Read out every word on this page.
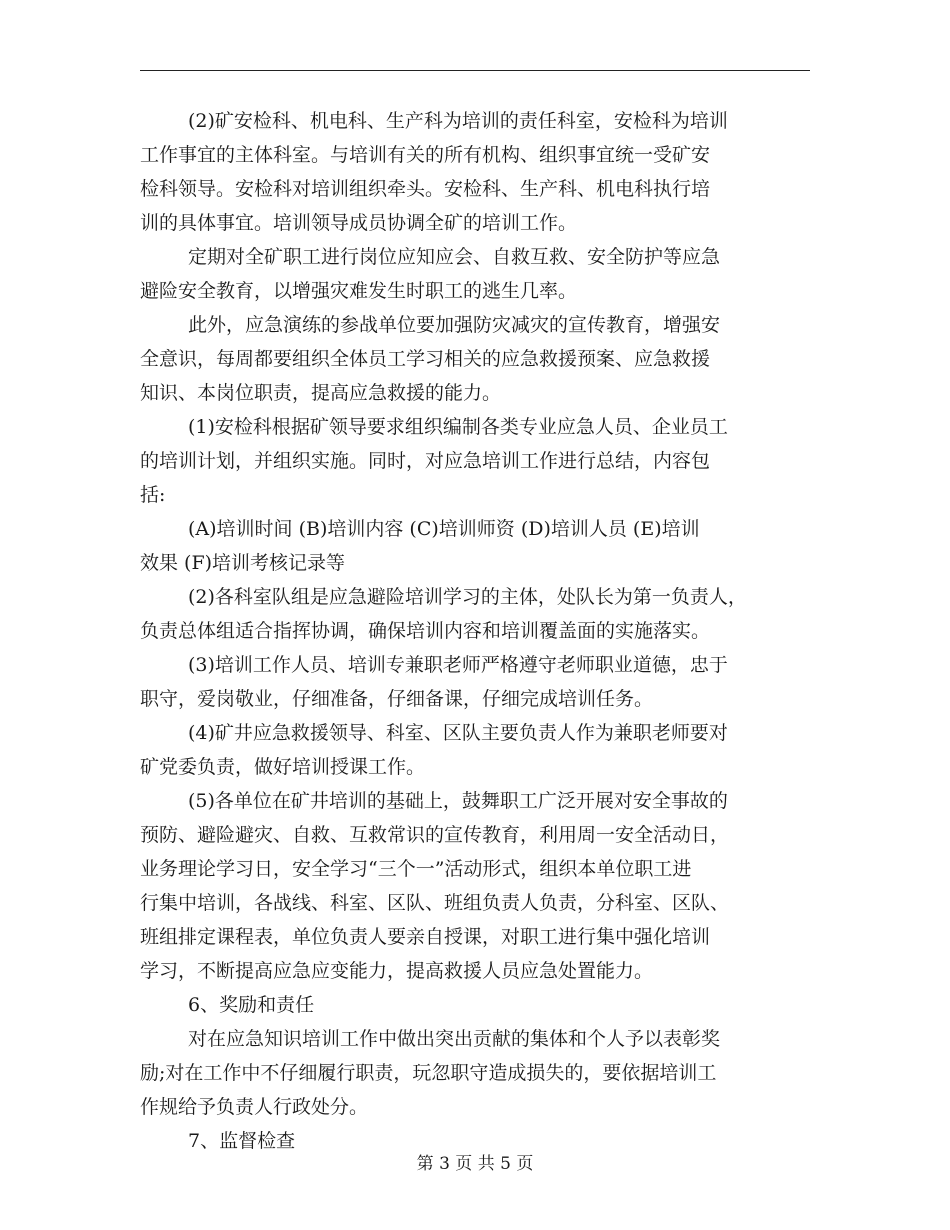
(2)矿安检科、机电科、生产科为培训的责任科室，安检科为培训
工作事宜的主体科室。与培训有关的所有机构、组织事宜统一受矿安
检科领导。安检科对培训组织牵头。安检科、生产科、机电科执行培
训的具体事宜。培训领导成员协调全矿的培训工作。
定期对全矿职工进行岗位应知应会、自救互救、安全防护等应急
避险安全教育，以增强灾难发生时职工的逃生几率。
此外，应急演练的参战单位要加强防灾减灾的宣传教育，增强安
全意识，每周都要组织全体员工学习相关的应急救援预案、应急救援
知识、本岗位职责，提高应急救援的能力。
(1)安检科根据矿领导要求组织编制各类专业应急人员、企业员工
的培训计划，并组织实施。同时，对应急培训工作进行总结，内容包
括:
(A)培训时间 (B)培训内容 (C)培训师资 (D)培训人员 (E)培训
效果 (F)培训考核记录等
(2)各科室队组是应急避险培训学习的主体，处队长为第一负责人，
负责总体组适合指挥协调，确保培训内容和培训覆盖面的实施落实。
(3)培训工作人员、培训专兼职老师严格遵守老师职业道德，忠于
职守，爱岗敬业，仔细准备，仔细备课，仔细完成培训任务。
(4)矿井应急救援领导、科室、区队主要负责人作为兼职老师要对
矿党委负责，做好培训授课工作。
(5)各单位在矿井培训的基础上，鼓舞职工广泛开展对安全事故的
预防、避险避灾、自救、互救常识的宣传教育，利用周一安全活动日，
业务理论学习日，安全学习“三个一”活动形式，组织本单位职工进
行集中培训，各战线、科室、区队、班组负责人负责，分科室、区队、
班组排定课程表，单位负责人要亲自授课，对职工进行集中强化培训
学习，不断提高应急应变能力，提高救援人员应急处置能力。
6、奖励和责任
对在应急知识培训工作中做出突出贡献的集体和个人予以表彰奖
励;对在工作中不仔细履行职责，玩忽职守造成损失的，要依据培训工
作规给予负责人行政处分。
7、监督检查
第 3 页 共 5 页
